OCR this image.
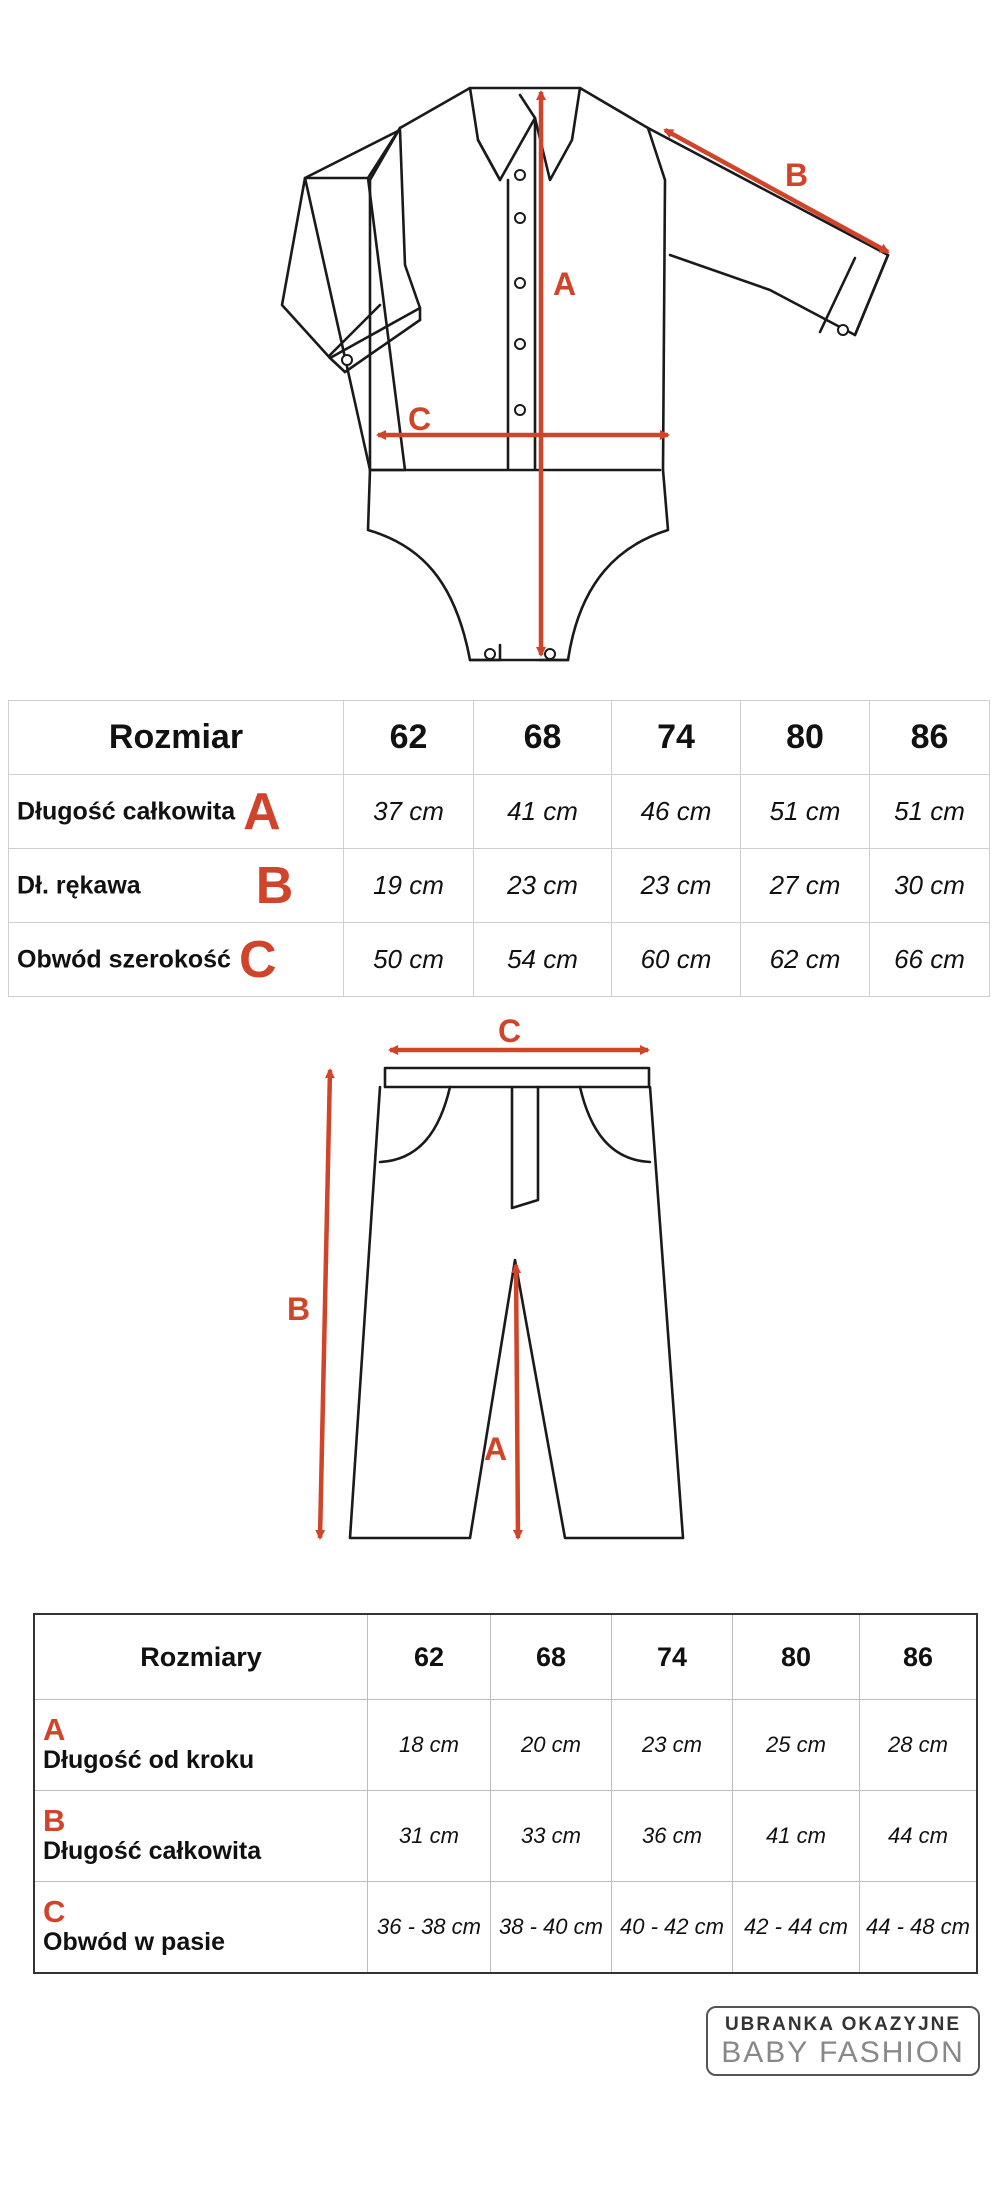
A
B
C
Rozmiar	62	68	74	80	86
Długość całkowita A	37 cm	41 cm	46 cm	51 cm	51 cm
Dł. rękawa B	19 cm	23 cm	23 cm	27 cm	30 cm
Obwód szerokość C	50 cm	54 cm	60 cm	62 cm	66 cm
C
B
A
Rozmiary	62	68	74	80	86

A
Długość od kroku	18 cm	20 cm	23 cm	25 cm	28 cm

B
Długość całkowita	31 cm	33 cm	36 cm	41 cm	44 cm

C
Obwód w pasie	36 - 38 cm	38 - 40 cm	40 - 42 cm	42 - 44 cm	44 - 48 cm
UBRANKA OKAZYJNE
BABY FASHION
